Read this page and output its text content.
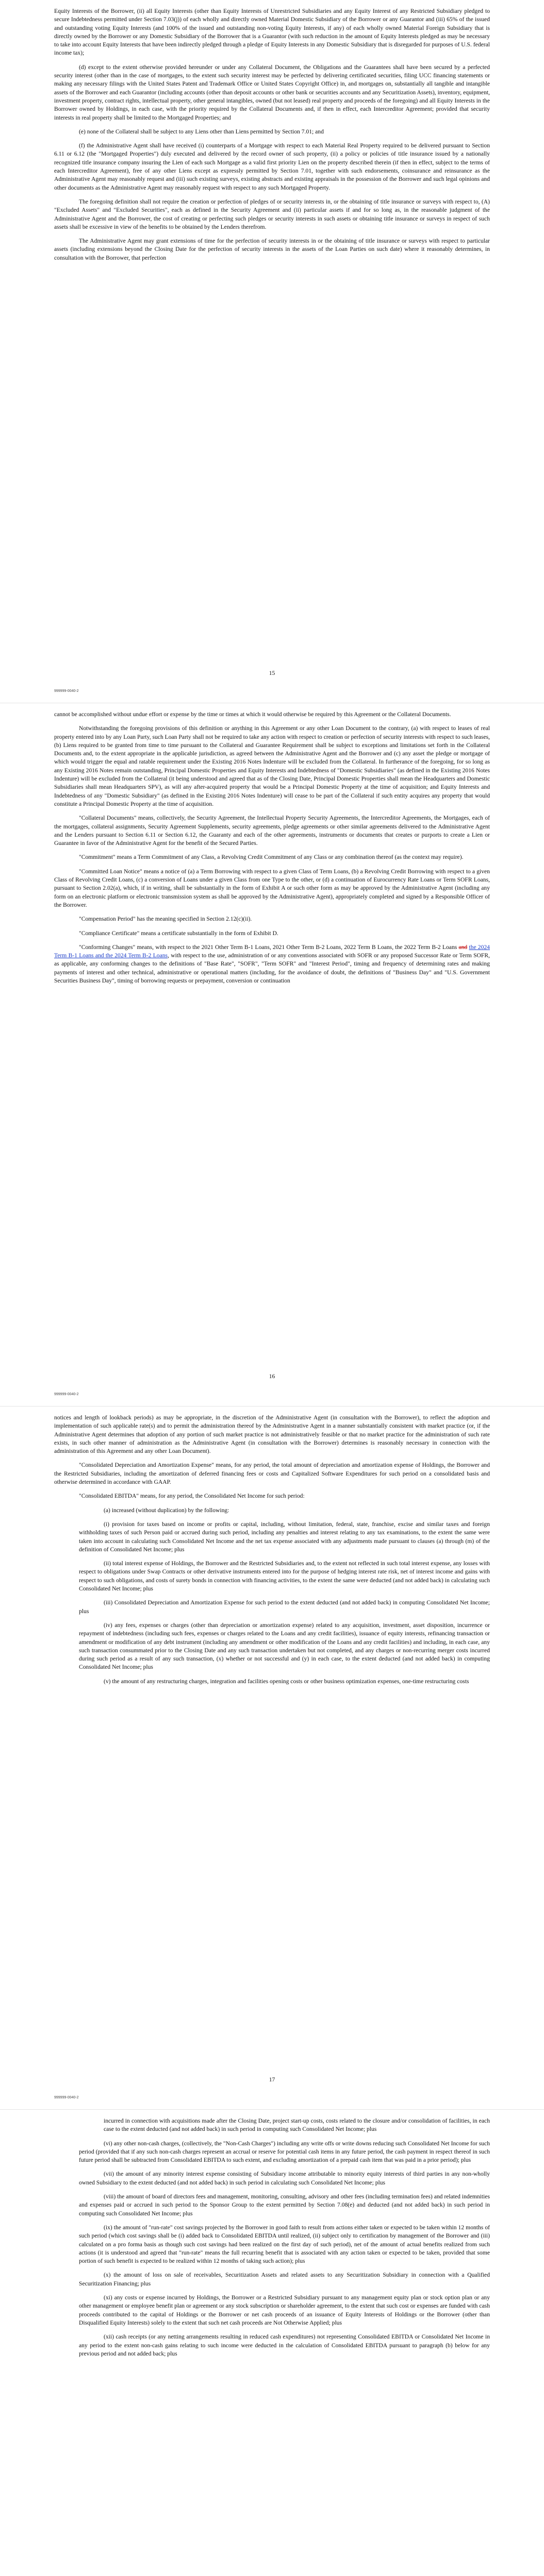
Equity Interests of the Borrower, (ii) all Equity Interests (other than Equity Interests of Unrestricted Subsidiaries and any Equity Interest of any Restricted Subsidiary pledged to secure Indebtedness permitted under Section 7.03(j)) of each wholly and directly owned Material Domestic Subsidiary of the Borrower or any Guarantor and (iii) 65% of the issued and outstanding voting Equity Interests (and 100% of the issued and outstanding non-voting Equity Interests, if any) of each wholly owned Material Foreign Subsidiary that is directly owned by the Borrower or any Domestic Subsidiary of the Borrower that is a Guarantor (with such reduction in the amount of Equity Interests pledged as may be necessary to take into account Equity Interests that have been indirectly pledged through a pledge of Equity Interests in any Domestic Subsidiary that is disregarded for purposes of U.S. federal income tax);

(d) except to the extent otherwise provided hereunder or under any Collateral Document, the Obligations and the Guarantees shall have been secured by a perfected security interest (other than in the case of mortgages, to the extent such security interest may be perfected by delivering certificated securities, filing UCC financing statements or making any necessary filings with the United States Patent and Trademark Office or United States Copyright Office) in, and mortgages on, substantially all tangible and intangible assets of the Borrower and each Guarantor (including accounts (other than deposit accounts or other bank or securities accounts and any Securitization Assets), inventory, equipment, investment property, contract rights, intellectual property, other general intangibles, owned (but not leased) real property and proceeds of the foregoing) and all Equity Interests in the Borrower owned by Holdings, in each case, with the priority required by the Collateral Documents and, if then in effect, each Intercreditor Agreement; provided that security interests in real property shall be limited to the Mortgaged Properties; and

(e) none of the Collateral shall be subject to any Liens other than Liens permitted by Section 7.01; and

(f) the Administrative Agent shall have received (i) counterparts of a Mortgage with respect to each Material Real Property required to be delivered pursuant to Section 6.11 or 6.12 (the "Mortgaged Properties") duly executed and delivered by the record owner of such property, (ii) a policy or policies of title insurance issued by a nationally recognized title insurance company insuring the Lien of each such Mortgage as a valid first priority Lien on the property described therein (if then in effect, subject to the terms of each Intercreditor Agreement), free of any other Liens except as expressly permitted by Section 7.01, together with such endorsements, coinsurance and reinsurance as the Administrative Agent may reasonably request and (iii) such existing surveys, existing abstracts and existing appraisals in the possession of the Borrower and such legal opinions and other documents as the Administrative Agent may reasonably request with respect to any such Mortgaged Property.

The foregoing definition shall not require the creation or perfection of pledges of or security interests in, or the obtaining of title insurance or surveys with respect to, (A) "Excluded Assets" and "Excluded Securities", each as defined in the Security Agreement and (ii) particular assets if and for so long as, in the reasonable judgment of the Administrative Agent and the Borrower, the cost of creating or perfecting such pledges or security interests in such assets or obtaining title insurance or surveys in respect of such assets shall be excessive in view of the benefits to be obtained by the Lenders therefrom.

The Administrative Agent may grant extensions of time for the perfection of security interests in or the obtaining of title insurance or surveys with respect to particular assets (including extensions beyond the Closing Date for the perfection of security interests in the assets of the Loan Parties on such date) where it reasonably determines, in consultation with the Borrower, that perfection

15
999999-0040-2

cannot be accomplished without undue effort or expense by the time or times at which it would otherwise be required by this Agreement or the Collateral Documents.

Notwithstanding the foregoing provisions of this definition or anything in this Agreement or any other Loan Document to the contrary, (a) with respect to leases of real property entered into by any Loan Party, such Loan Party shall not be required to take any action with respect to creation or perfection of security interests with respect to such leases, (b) Liens required to be granted from time to time pursuant to the Collateral and Guarantee Requirement shall be subject to exceptions and limitations set forth in the Collateral Documents and, to the extent appropriate in the applicable jurisdiction, as agreed between the Administrative Agent and the Borrower and (c) any asset the pledge or mortgage of which would trigger the equal and ratable requirement under the Existing 2016 Notes Indenture will be excluded from the Collateral. In furtherance of the foregoing, for so long as any Existing 2016 Notes remain outstanding, Principal Domestic Properties and Equity Interests and Indebtedness of "Domestic Subsidiaries" (as defined in the Existing 2016 Notes Indenture) will be excluded from the Collateral (it being understood and agreed that as of the Closing Date, Principal Domestic Properties shall mean the Headquarters and Domestic Subsidiaries shall mean Headquarters SPV), as will any after-acquired property that would be a Principal Domestic Property at the time of acquisition; and Equity Interests and Indebtedness of any "Domestic Subsidiary" (as defined in the Existing 2016 Notes Indenture) will cease to be part of the Collateral if such entity acquires any property that would constitute a Principal Domestic Property at the time of acquisition.

"Collateral Documents" means, collectively, the Security Agreement, the Intellectual Property Security Agreements, the Intercreditor Agreements, the Mortgages, each of the mortgages, collateral assignments, Security Agreement Supplements, security agreements, pledge agreements or other similar agreements delivered to the Administrative Agent and the Lenders pursuant to Section 6.11 or Section 6.12, the Guaranty and each of the other agreements, instruments or documents that creates or purports to create a Lien or Guarantee in favor of the Administrative Agent for the benefit of the Secured Parties.

"Commitment" means a Term Commitment of any Class, a Revolving Credit Commitment of any Class or any combination thereof (as the context may require).

"Committed Loan Notice" means a notice of (a) a Term Borrowing with respect to a given Class of Term Loans, (b) a Revolving Credit Borrowing with respect to a given Class of Revolving Credit Loans, (c) a conversion of Loans under a given Class from one Type to the other, or (d) a continuation of Eurocurrency Rate Loans or Term SOFR Loans, pursuant to Section 2.02(a), which, if in writing, shall be substantially in the form of Exhibit A or such other form as may be approved by the Administrative Agent (including any form on an electronic platform or electronic transmission system as shall be approved by the Administrative Agent), appropriately completed and signed by a Responsible Officer of the Borrower.

"Compensation Period" has the meaning specified in Section 2.12(c)(ii).

"Compliance Certificate" means a certificate substantially in the form of Exhibit D.

"Conforming Changes" means, with respect to the 2021 Other Term B-1 Loans, 2021 Other Term B-2 Loans, 2022 Term B Loans, the 2022 Term B-2 Loans and the 2024 Term B-1 Loans and the 2024 Term B-2 Loans, with respect to the use, administration of or any conventions associated with SOFR or any proposed Successor Rate or Term SOFR, as applicable, any conforming changes to the definitions of "Base Rate", "SOFR", "Term SOFR" and "Interest Period", timing and frequency of determining rates and making payments of interest and other technical, administrative or operational matters (including, for the avoidance of doubt, the definitions of "Business Day" and "U.S. Government Securities Business Day", timing of borrowing requests or prepayment, conversion or continuation

16
999999-0040-2

notices and length of lookback periods) as may be appropriate, in the discretion of the Administrative Agent (in consultation with the Borrower), to reflect the adoption and implementation of such applicable rate(s) and to permit the administration thereof by the Administrative Agent in a manner substantially consistent with market practice (or, if the Administrative Agent determines that adoption of any portion of such market practice is not administratively feasible or that no market practice for the administration of such rate exists, in such other manner of administration as the Administrative Agent (in consultation with the Borrower) determines is reasonably necessary in connection with the administration of this Agreement and any other Loan Document).

"Consolidated Depreciation and Amortization Expense" means, for any period, the total amount of depreciation and amortization expense of Holdings, the Borrower and the Restricted Subsidiaries, including the amortization of deferred financing fees or costs and Capitalized Software Expenditures for such period on a consolidated basis and otherwise determined in accordance with GAAP.

"Consolidated EBITDA" means, for any period, the Consolidated Net Income for such period:

(a) increased (without duplication) by the following:

(i) provision for taxes based on income or profits or capital, including, without limitation, federal, state, franchise, excise and similar taxes and foreign withholding taxes of such Person paid or accrued during such period, including any penalties and interest relating to any tax examinations, to the extent the same were taken into account in calculating such Consolidated Net Income and the net tax expense associated with any adjustments made pursuant to clauses (a) through (m) of the definition of Consolidated Net Income; plus

(ii) total interest expense of Holdings, the Borrower and the Restricted Subsidiaries and, to the extent not reflected in such total interest expense, any losses with respect to obligations under Swap Contracts or other derivative instruments entered into for the purpose of hedging interest rate risk, net of interest income and gains with respect to such obligations, and costs of surety bonds in connection with financing activities, to the extent the same were deducted (and not added back) in calculating such Consolidated Net Income; plus

(iii) Consolidated Depreciation and Amortization Expense for such period to the extent deducted (and not added back) in computing Consolidated Net Income; plus

(iv) any fees, expenses or charges (other than depreciation or amortization expense) related to any acquisition, investment, asset disposition, incurrence or repayment of indebtedness (including such fees, expenses or charges related to the Loans and any credit facilities), issuance of equity interests, refinancing transaction or amendment or modification of any debt instrument (including any amendment or other modification of the Loans and any credit facilities) and including, in each case, any such transaction consummated prior to the Closing Date and any such transaction undertaken but not completed, and any charges or non-recurring merger costs incurred during such period as a result of any such transaction, (x) whether or not successful and (y) in each case, to the extent deducted (and not added back) in computing Consolidated Net Income; plus

(v) the amount of any restructuring charges, integration and facilities opening costs or other business optimization expenses, one-time restructuring costs

17
999999-0040-2

incurred in connection with acquisitions made after the Closing Date, project start-up costs, costs related to the closure and/or consolidation of facilities, in each case to the extent deducted (and not added back) in such period in computing such Consolidated Net Income; plus

(vi) any other non-cash charges, (collectively, the "Non-Cash Charges") including any write offs or write downs reducing such Consolidated Net Income for such period (provided that if any such non-cash charges represent an accrual or reserve for potential cash items in any future period, the cash payment in respect thereof in such future period shall be subtracted from Consolidated EBITDA to such extent, and excluding amortization of a prepaid cash item that was paid in a prior period); plus

(vii) the amount of any minority interest expense consisting of Subsidiary income attributable to minority equity interests of third parties in any non-wholly owned Subsidiary to the extent deducted (and not added back) in such period in calculating such Consolidated Net Income; plus

(viii) the amount of board of directors fees and management, monitoring, consulting, advisory and other fees (including termination fees) and related indemnities and expenses paid or accrued in such period to the Sponsor Group to the extent permitted by Section 7.08(e) and deducted (and not added back) in such period in computing such Consolidated Net Income; plus

(ix) the amount of "run-rate" cost savings projected by the Borrower in good faith to result from actions either taken or expected to be taken within 12 months of such period (which cost savings shall be (i) added back to Consolidated EBITDA until realized, (ii) subject only to certification by management of the Borrower and (iii) calculated on a pro forma basis as though such cost savings had been realized on the first day of such period), net of the amount of actual benefits realized from such actions (it is understood and agreed that "run-rate" means the full recurring benefit that is associated with any action taken or expected to be taken, provided that some portion of such benefit is expected to be realized within 12 months of taking such action); plus

(x) the amount of loss on sale of receivables, Securitization Assets and related assets to any Securitization Subsidiary in connection with a Qualified Securitization Financing; plus

(xi) any costs or expense incurred by Holdings, the Borrower or a Restricted Subsidiary pursuant to any management equity plan or stock option plan or any other management or employee benefit plan or agreement or any stock subscription or shareholder agreement, to the extent that such cost or expenses are funded with cash proceeds contributed to the capital of Holdings or the Borrower or net cash proceeds of an issuance of Equity Interests of Holdings or the Borrower (other than Disqualified Equity Interests) solely to the extent that such net cash proceeds are Not Otherwise Applied; plus

(xii) cash receipts (or any netting arrangements resulting in reduced cash expenditures) not representing Consolidated EBITDA or Consolidated Net Income in any period to the extent non-cash gains relating to such income were deducted in the calculation of Consolidated EBITDA pursuant to paragraph (b) below for any previous period and not added back; plus
